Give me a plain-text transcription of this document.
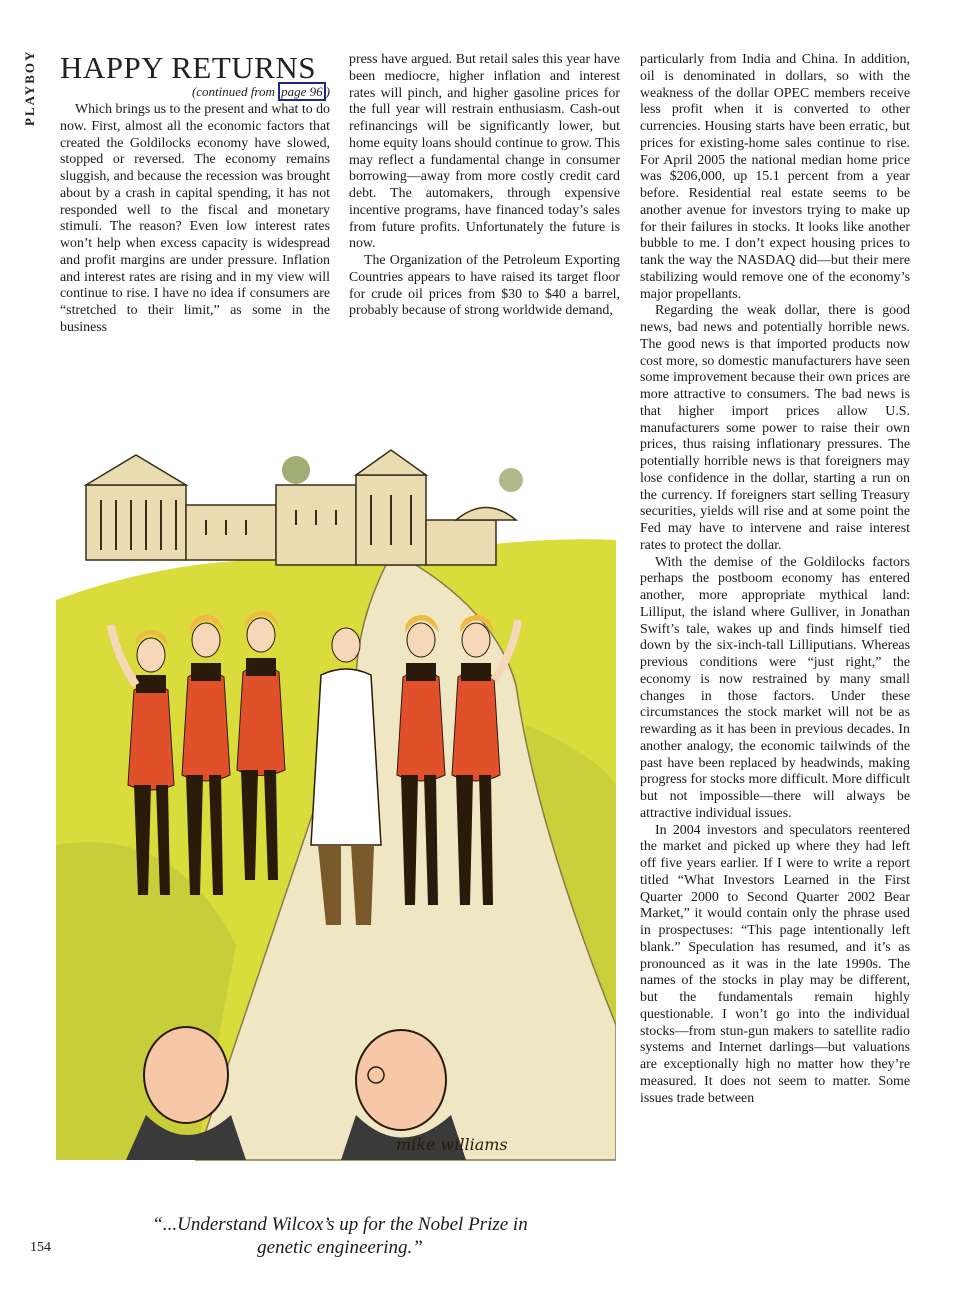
PLAYBOY HAPPY RETURNS
(continued from page 96 )

Which brings us to the present and what to do now. First, almost all the economic factors that created the Goldilocks economy have slowed, stopped or reversed. The economy remains sluggish, and because the recession was brought about by a crash in capital spending, it has not responded well to the fiscal and monetary stimuli. The reason? Even low interest rates won’t help when excess capacity is widespread and profit margins are under pressure. Inflation and interest rates are rising and in my view will continue to rise. I have no idea if consumers are “stretched to their limit,” as some in the business

press have argued. But retail sales this year have been mediocre, higher inflation and interest rates will pinch, and higher gasoline prices for the full year will restrain enthusiasm. Cash-out refinancings will be significantly lower, but home equity loans should continue to grow. This may reflect a fundamental change in consumer borrowing—away from more costly credit card debt. The automakers, through expensive incentive programs, have financed today’s sales from future profits. Unfortunately the future is now.

The Organization of the Petroleum Exporting Countries appears to have raised its target floor for crude oil prices from $30 to $40 a barrel, probably because of strong worldwide demand,

particularly from India and China. In addition, oil is denominated in dollars, so with the weakness of the dollar OPEC members receive less profit when it is converted to other currencies. Housing starts have been erratic, but prices for existing-home sales continue to rise. For April 2005 the national median home price was $206,000, up 15.1 percent from a year before. Residential real estate seems to be another avenue for investors trying to make up for their failures in stocks. It looks like another bubble to me. I don’t expect housing prices to tank the way the NASDAQ did—but their mere stabilizing would remove one of the economy’s major propellants.

Regarding the weak dollar, there is good news, bad news and potentially horrible news. The good news is that imported products now cost more, so domestic manufacturers have seen some improvement because their own prices are more attractive to consumers. The bad news is that higher import prices allow U.S. manufacturers some power to raise their own prices, thus raising inflationary pressures. The potentially horrible news is that foreigners may lose confidence in the dollar, starting a run on the currency. If foreigners start selling Treasury securities, yields will rise and at some point the Fed may have to intervene and raise interest rates to protect the dollar.

With the demise of the Goldilocks factors perhaps the postboom economy has entered another, more appropriate mythical land: Lilliput, the island where Gulliver, in Jonathan Swift’s tale, wakes up and finds himself tied down by the six-inch-tall Lilliputians. Whereas previous conditions were “just right,” the economy is now restrained by many small changes in those factors. Under these circumstances the stock market will not be as rewarding as it has been in previous decades. In another analogy, the economic tailwinds of the past have been replaced by headwinds, making progress for stocks more difficult. More difficult but not impossible—there will always be attractive individual issues.

In 2004 investors and speculators reentered the market and picked up where they had left off five years earlier. If I were to write a report titled “What Investors Learned in the First Quarter 2000 to Second Quarter 2002 Bear Market,” it would contain only the phrase used in prospectuses: “This page intentionally left blank.” Speculation has resumed, and it’s as pronounced as it was in the late 1990s. The names of the stocks in play may be different, but the fundamentals remain highly questionable. I won’t go into the individual stocks—from stun-gun makers to satellite radio systems and Internet darlings—but valuations are exceptionally high no matter how they’re measured. It does not seem to matter. Some issues trade between

mike williams
“...Understand Wilcox’s up for the Nobel Prize in
genetic engineering.”
154
